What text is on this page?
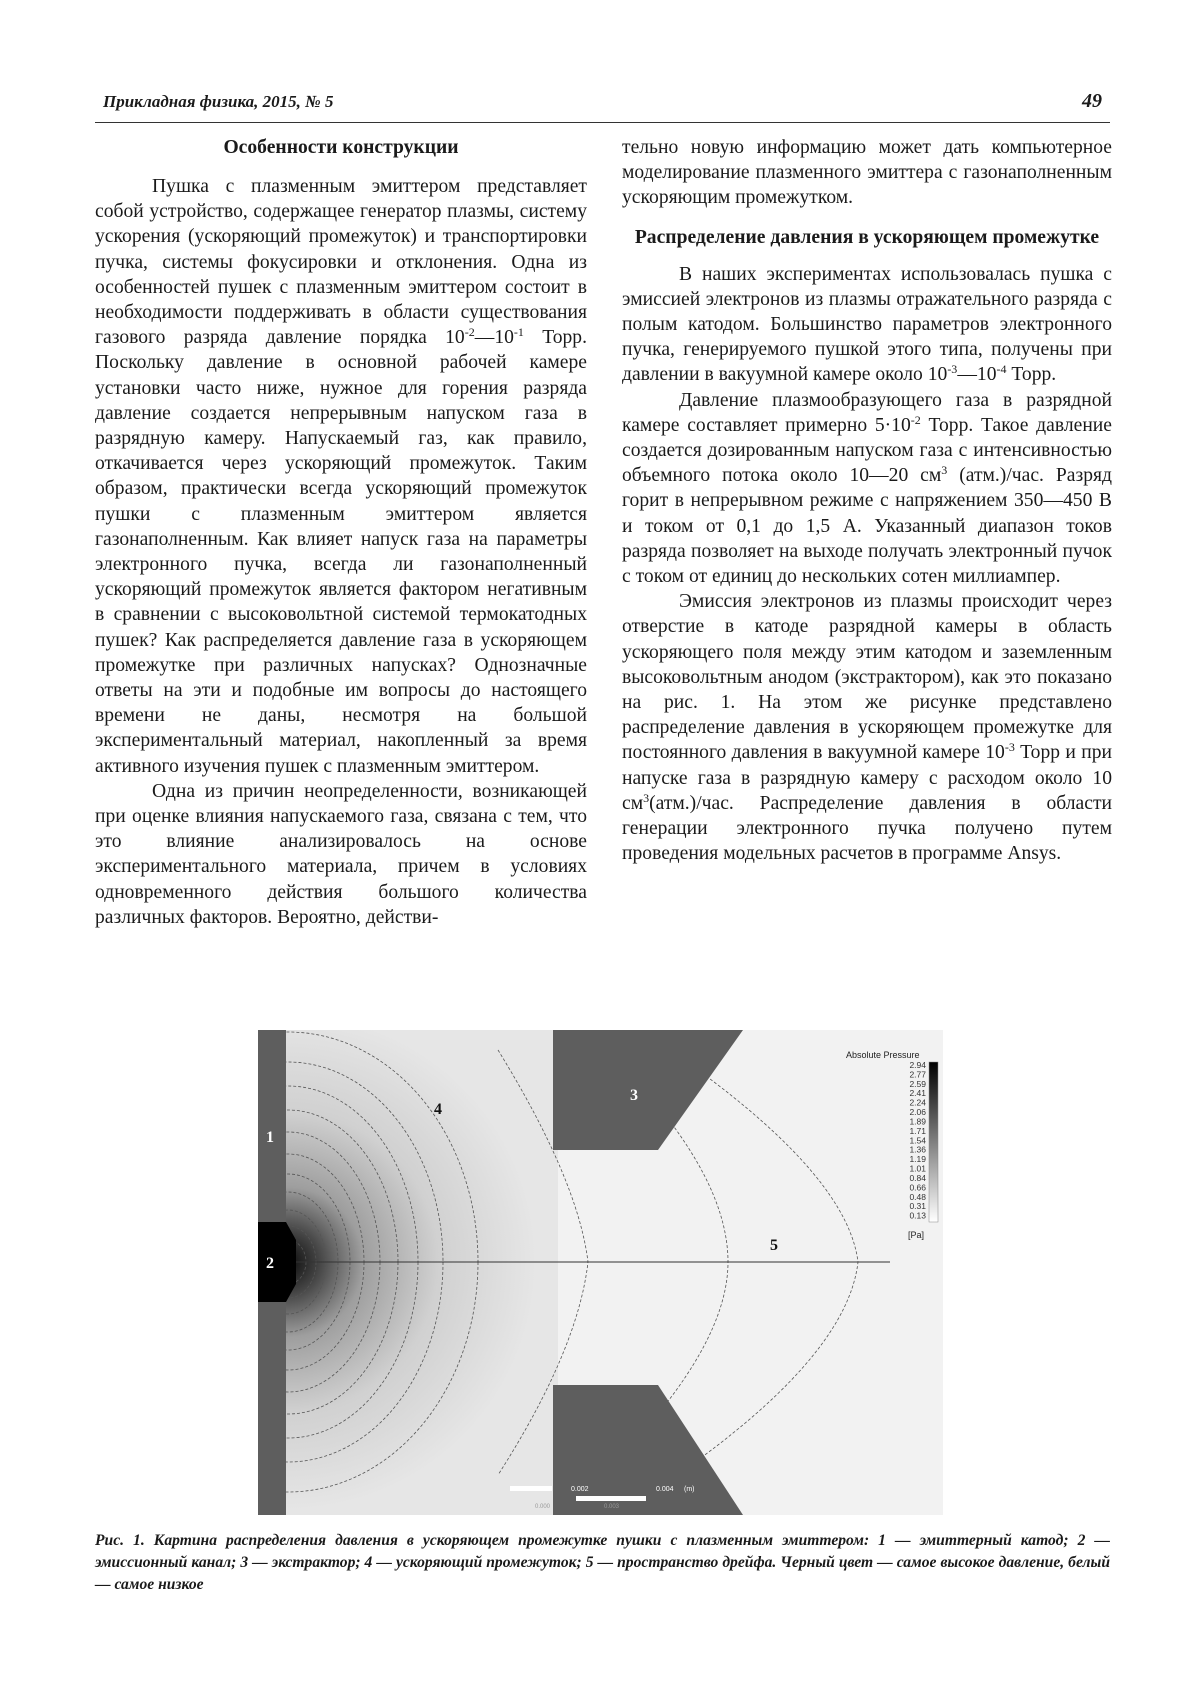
Прикладная физика, 2015, № 5	49
Особенности конструкции

Пушка с плазменным эмиттером представляет собой устройство, содержащее генератор плазмы, систему ускорения (ускоряющий промежуток) и транспортировки пучка, системы фокусировки и отклонения. Одна из особенностей пушек с плазменным эмиттером состоит в необходимости поддерживать в области существования газового разряда давление порядка $10^{-2}—10^{-1}$ Торр. Поскольку давление в основной рабочей камере установки часто ниже, нужное для горения разряда давление создается непрерывным напуском газа в разрядную камеру. Напускаемый газ, как правило, откачивается через ускоряющий промежуток. Таким образом, практически всегда ускоряющий промежуток пушки с плазменным эмиттером является газонаполненным. Как влияет напуск газа на параметры электронного пучка, всегда ли газонаполненный ускоряющий промежуток является фактором негативным в сравнении с высоковольтной системой термокатодных пушек? Как распределяется давление газа в ускоряющем промежутке при различных напусках? Однозначные ответы на эти и подобные им вопросы до настоящего времени не даны, несмотря на большой экспериментальный материал, накопленный за время активного изучения пушек с плазменным эмиттером.

Одна из причин неопределенности, возникающей при оценке влияния напускаемого газа, связана с тем, что это влияние анализировалось на основе экспериментального материала, причем в условиях одновременного действия большого количества различных факторов. Вероятно, действи-

тельно новую информацию может дать компьютерное моделирование плазменного эмиттера с газонаполненным ускоряющим промежутком.

Распределение давления в ускоряющем промежутке

В наших экспериментах использовалась пушка с эмиссией электронов из плазмы отражательного разряда с полым катодом. Большинство параметров электронного пучка, генерируемого пушкой этого типа, получены при давлении в вакуумной камере около $10^{-3}—10^{-4}$ Торр.

Давление плазмообразующего газа в разрядной камере составляет примерно $5\cdot 10^{-2}$ Торр. Такое давление создается дозированным напуском газа с интенсивностью объемного потока около 10—20 $см^3$ (атм.)/час. Разряд горит в непрерывном режиме с напряжением 350—450 В и током от 0,1 до 1,5 А. Указанный диапазон токов разряда позволяет на выходе получать электронный пучок с током от единиц до нескольких сотен миллиампер.

Эмиссия электронов из плазмы происходит через отверстие в катоде разрядной камеры в область ускоряющего поля между этим катодом и заземленным высоковольтным анодом (экстрактором), как это показано на рис. 1. На этом же рисунке представлено распределение давления в ускоряющем промежутке для постоянного давления в вакуумной камере $10^{-3}$ Торр и при напуске газа в разрядную камеру с расходом около 10 $см^3(атм.)$/час. Распределение давления в области генерации электронного пучка получено путем проведения модельных расчетов в программе Ansys.

1
2
3
4
5
Absolute Pressure
2.94
2.77
2.59
2.41
2.24
2.06
1.89
1.71
1.54
1.36
1.19
1.01
0.84
0.66
0.48
0.31
0.13
[Pa]
0.002	0.004 (m)
0.000	0.003
Рис. 1. Картина распределения давления в ускоряющем промежутке пушки с плазменным эмиттером: 1 — эмиттерный катод; 2 — эмиссионный канал; 3 — экстрактор; 4 — ускоряющий промежуток; 5 — пространство дрейфа. Черный цвет — самое высокое давление, белый — самое низкое
